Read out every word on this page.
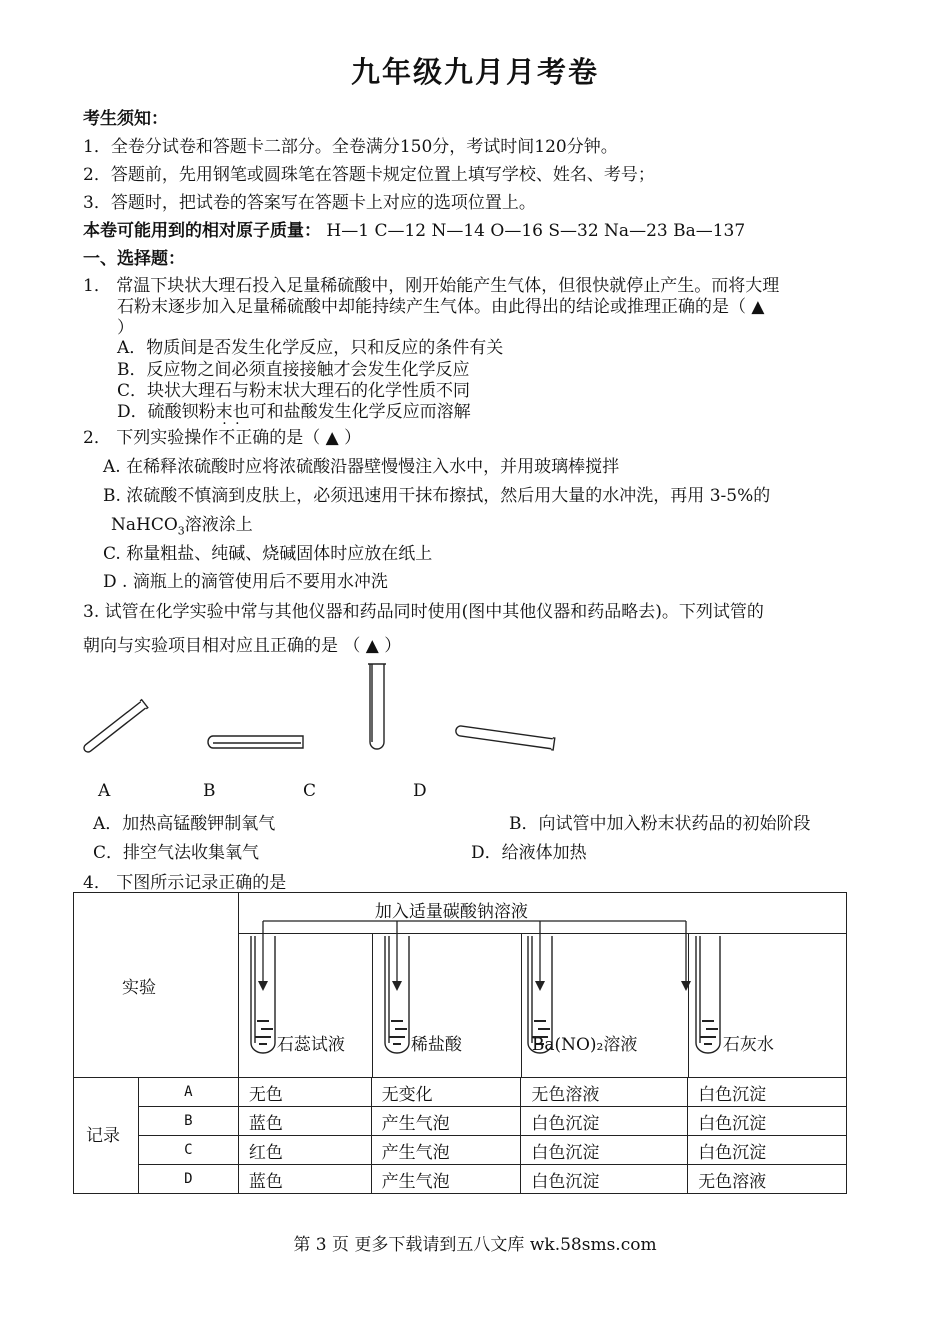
九年级九月月考卷
考生须知：
1．全卷分试卷和答题卡二部分。全卷满分150分，考试时间120分钟。
2．答题前，先用钢笔或圆珠笔在答题卡规定位置上填写学校、姓名、考号；
3．答题时，把试卷的答案写在答题卡上对应的选项位置上。
本卷可能用到的相对原子质量： H—1 C—12 N—14 O—16 S—32 Na—23 Ba—137
一、选择题：
1． 常温下块状大理石投入足量稀硫酸中，刚开始能产生气体，但很快就停止产生。而将大理
石粉末逐步加入足量稀硫酸中却能持续产生气体。由此得出的结论或推理正确的是（ ▲
）
A．物质间是否发生化学反应，只和反应的条件有关
B．反应物之间必须直接接触才会发生化学反应
C．块状大理石与粉末状大理石的化学性质不同
D．硫酸钡粉末也可和盐酸发生化学反应而溶解
2． 下列实验操作不正确 · ·的是（ ▲ ）
A. 在稀释浓硫酸时应将浓硫酸沿器壁慢慢注入水中，并用玻璃棒搅拌
B. 浓硫酸不慎滴到皮肤上，必须迅速用干抹布擦拭，然后用大量的水冲洗，再用 3-5%的
NaHCO$_3$溶液涂上
C. 称量粗盐、纯碱、烧碱固体时应放在纸上
D . 滴瓶上的滴管使用后不要用水冲洗
3. 试管在化学实验中常与其他仪器和药品同时使用(图中其他仪器和药品略去)。下列试管的
朝向与实验项目相对应且正确的是 （ ▲ ）
A	B	C	D
A．加热高锰酸钾制氧气	B．向试管中加入粉末状药品的初始阶段
C．排空气法收集氧气	D．给液体加热
4． 下图所示记录正确的是
实验		加入适量碳酸钠溶液
石蕊试液 稀盐酸 Ba(NO)₂溶液 石灰水			

记录	A	无色	无变化	无色溶液	白色沉淀
	B	蓝色	产生气泡	白色沉淀	白色沉淀
	C	红色	产生气泡	白色沉淀	白色沉淀
	D	蓝色	产生气泡	白色沉淀	无色溶液
第 3 页 更多下载请到五八文库 wk.58sms.com
